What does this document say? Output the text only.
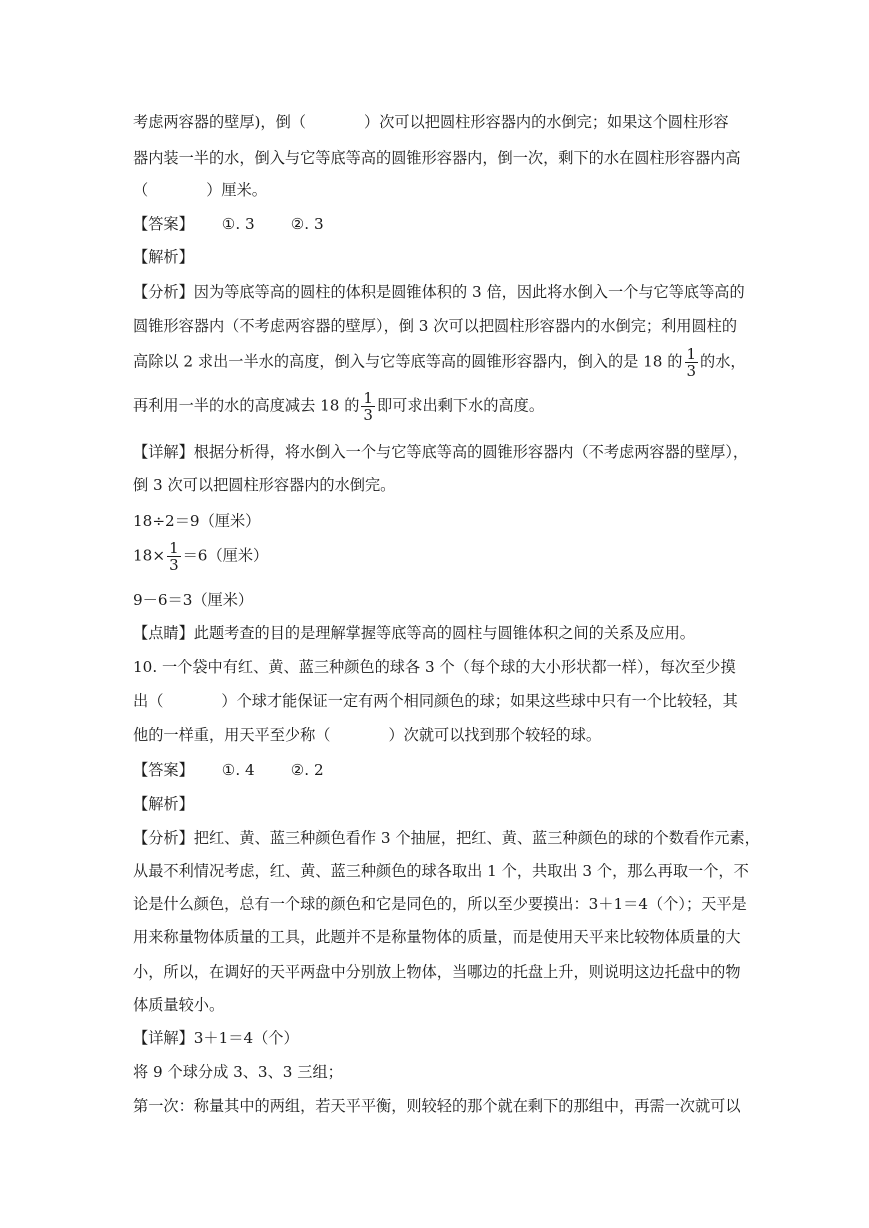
考虑两容器的壁厚)，倒（	）次可以把圆柱形容器内的水倒完；如果这个圆柱形容
器内装一半的水，倒入与它等底等高的圆锥形容器内，倒一次，剩下的水在圆柱形容器内高
（	）厘米。
【答案】 ①. 3 ②. 3
【解析】
【分析】因为等底等高的圆柱的体积是圆锥体积的 3 倍，因此将水倒入一个与它等底等高的
圆锥形容器内（不考虑两容器的壁厚），倒 3 次可以把圆柱形容器内的水倒完；利用圆柱的
高除以 2 求出一半水的高度，倒入与它等底等高的圆锥形容器内，倒入的是 18 的 $\frac{1}{3}$ 的水，
再利用一半的水的高度减去 18 的 $\frac{1}{3}$ 即可求出剩下水的高度。
【详解】根据分析得，将水倒入一个与它等底等高的圆锥形容器内（不考虑两容器的壁厚），
倒 3 次可以把圆柱形容器内的水倒完。
18÷2＝9（厘米）
$18\times \frac{1}{3} =6$（厘米）
9－6＝3（厘米）
【点睛】此题考查的目的是理解掌握等底等高的圆柱与圆锥体积之间的关系及应用。
10. 一个袋中有红、黄、蓝三种颜色的球各 3 个（每个球的大小形状都一样），每次至少摸
出（	）个球才能保证一定有两个相同颜色的球；如果这些球中只有一个比较轻，其
他的一样重，用天平至少称（	）次就可以找到那个较轻的球。
【答案】 ①. 4 ②. 2
【解析】
【分析】把红、黄、蓝三种颜色看作 3 个抽屉，把红、黄、蓝三种颜色的球的个数看作元素，
从最不利情况考虑，红、黄、蓝三种颜色的球各取出 1 个，共取出 3 个，那么再取一个，不
论是什么颜色，总有一个球的颜色和它是同色的，所以至少要摸出：3＋1＝4（个）；天平是
用来称量物体质量的工具，此题并不是称量物体的质量，而是使用天平来比较物体质量的大
小，所以，在调好的天平两盘中分别放上物体，当哪边的托盘上升，则说明这边托盘中的物
体质量较小。
【详解】3＋1＝4（个）
将 9 个球分成 3、3、3 三组；
第一次：称量其中的两组，若天平平衡，则较轻的那个就在剩下的那组中，再需一次就可以
